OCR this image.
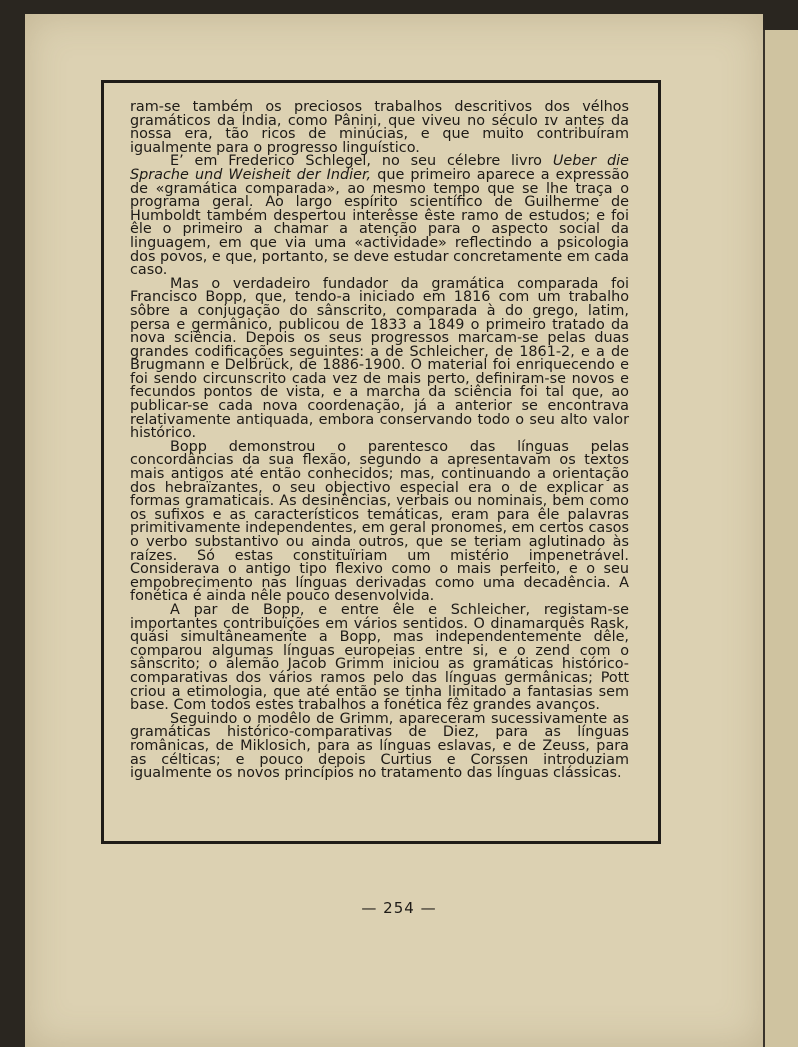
ram-se também os preciosos trabalhos descritivos dos vélhos gramáticos da Índia, como Pânini, que viveu no século ɪv antes da nossa era, tão ricos de minúcias, e que muito contribuíram igualmente para o progresso linguístico.

E’ em Frederico Schlegel, no seu célebre livro Ueber die Sprache und Weisheit der Indier, que primeiro aparece a expressão de «gramática comparada», ao mesmo tempo que se lhe traça o programa geral. Ao largo espírito scientífico de Guilherme de Humboldt também despertou interêsse êste ramo de estudos; e foi êle o primeiro a chamar a atenção para o aspecto social da linguagem, em que via uma «actividade» reflectindo a psicologia dos povos, e que, portanto, se deve estudar concretamente em cada caso.

Mas o verdadeiro fundador da gramática comparada foi Francisco Bopp, que, tendo-a iniciado em 1816 com um trabalho sôbre a conjugação do sânscrito, comparada à do grego, latim, persa e germânico, publicou de 1833 a 1849 o primeiro tratado da nova sciência. Depois os seus progressos marcam-se pelas duas grandes codificações seguintes: a de Schleicher, de 1861-2, e a de Brugmann e Delbrück, de 1886-1900. O material foi enriquecendo e foi sendo circunscrito cada vez de mais perto, definiram-se novos e fecundos pontos de vista, e a marcha da sciência foi tal que, ao publicar-se cada nova coordenação, já a anterior se encontrava relativamente antiquada, embora conservando todo o seu alto valor histórico.

Bopp demonstrou o parentesco das línguas pelas concordâncias da sua flexão, segundo a apresentavam os textos mais antigos até então conhecidos; mas, continuando a orientação dos hebraïzantes, o seu objectivo especial era o de explicar as formas gramaticais. As desinências, verbais ou nominais, bem como os sufixos e as característicos temáticas, eram para êle palavras primitivamente independentes, em geral pronomes, em certos casos o verbo substantivo ou ainda outros, que se teriam aglutinado às raízes. Só estas constituïriam um mistério impenetrável. Considerava o antigo tipo flexivo como o mais perfeito, e o seu empobrecimento nas línguas derivadas como uma decadência. A fonética é ainda nêle pouco desenvolvida.

A par de Bopp, e entre êle e Schleicher, registam-se importantes contribuïções em vários sentidos. O dinamarquês Rask, quási simultâneamente a Bopp, mas independentemente dêle, comparou algumas línguas europeias entre si, e o zend com o sânscrito; o alemão Jacob Grimm iniciou as gramáticas histórico-comparativas dos vários ramos pelo das línguas germânicas; Pott criou a etimologia, que até então se tinha limitado a fantasias sem base. Com todos estes trabalhos a fonética fêz grandes avanços.

Seguindo o modêlo de Grimm, apareceram sucessivamente as gramáticas histórico-comparativas de Diez, para as línguas românicas, de Miklosich, para as línguas eslavas, e de Zeuss, para as célticas; e pouco depois Curtius e Corssen introduziam igualmente os novos princípios no tratamento das línguas clássicas.

— 254 —
